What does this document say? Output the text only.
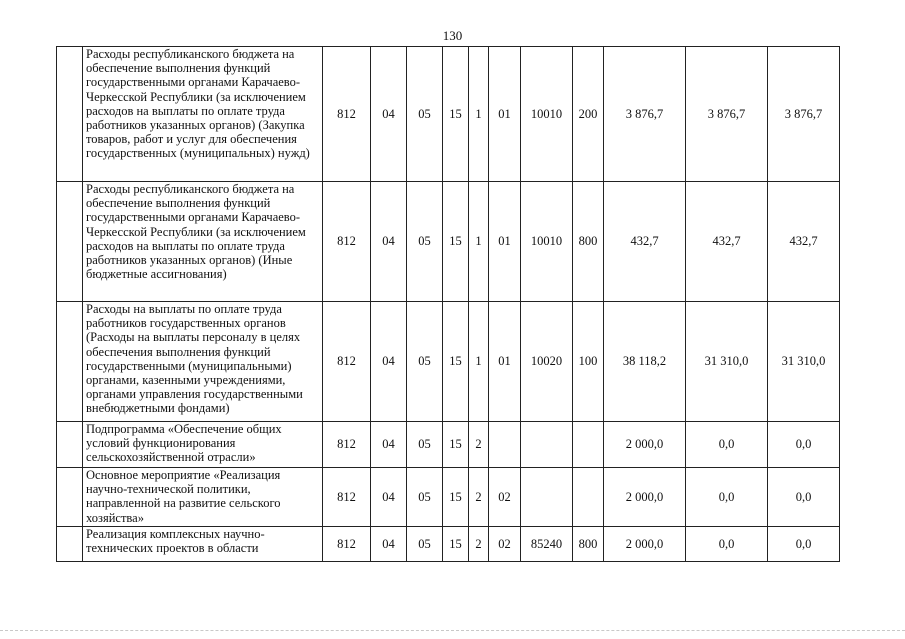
130
	Расходы республиканского бюджета на обеспечение выполнения функций государственными органами Карачаево-Черкесской Республики (за исключением расходов на выплаты по оплате труда работников указанных органов) (Закупка товаров, работ и услуг для обеспечения государственных (муниципальных) нужд)	812	04	05	15	1	01	10010	200	3 876,7	3 876,7	3 876,7
	Расходы республиканского бюджета на обеспечение выполнения функций государственными органами Карачаево-Черкесской Республики (за исключением расходов на выплаты по оплате труда работников указанных органов) (Иные бюджетные ассигнования)	812	04	05	15	1	01	10010	800	432,7	432,7	432,7
	Расходы на выплаты по оплате труда работников государственных органов (Расходы на выплаты персоналу в целях обеспечения выполнения функций государственными (муниципальными) органами, казенными учреждениями, органами управления государственными внебюджетными фондами)	812	04	05	15	1	01	10020	100	38 118,2	31 310,0	31 310,0
	Подпрограмма «Обеспечение общих условий функционирования сельскохозяйственной отрасли»	812	04	05	15	2				2 000,0	0,0	0,0
	Основное мероприятие «Реализация научно-технической политики, направленной на развитие сельского хозяйства»	812	04	05	15	2	02			2 000,0	0,0	0,0
	Реализация комплексных научно-технических проектов в области	812	04	05	15	2	02	85240	800	2 000,0	0,0	0,0
